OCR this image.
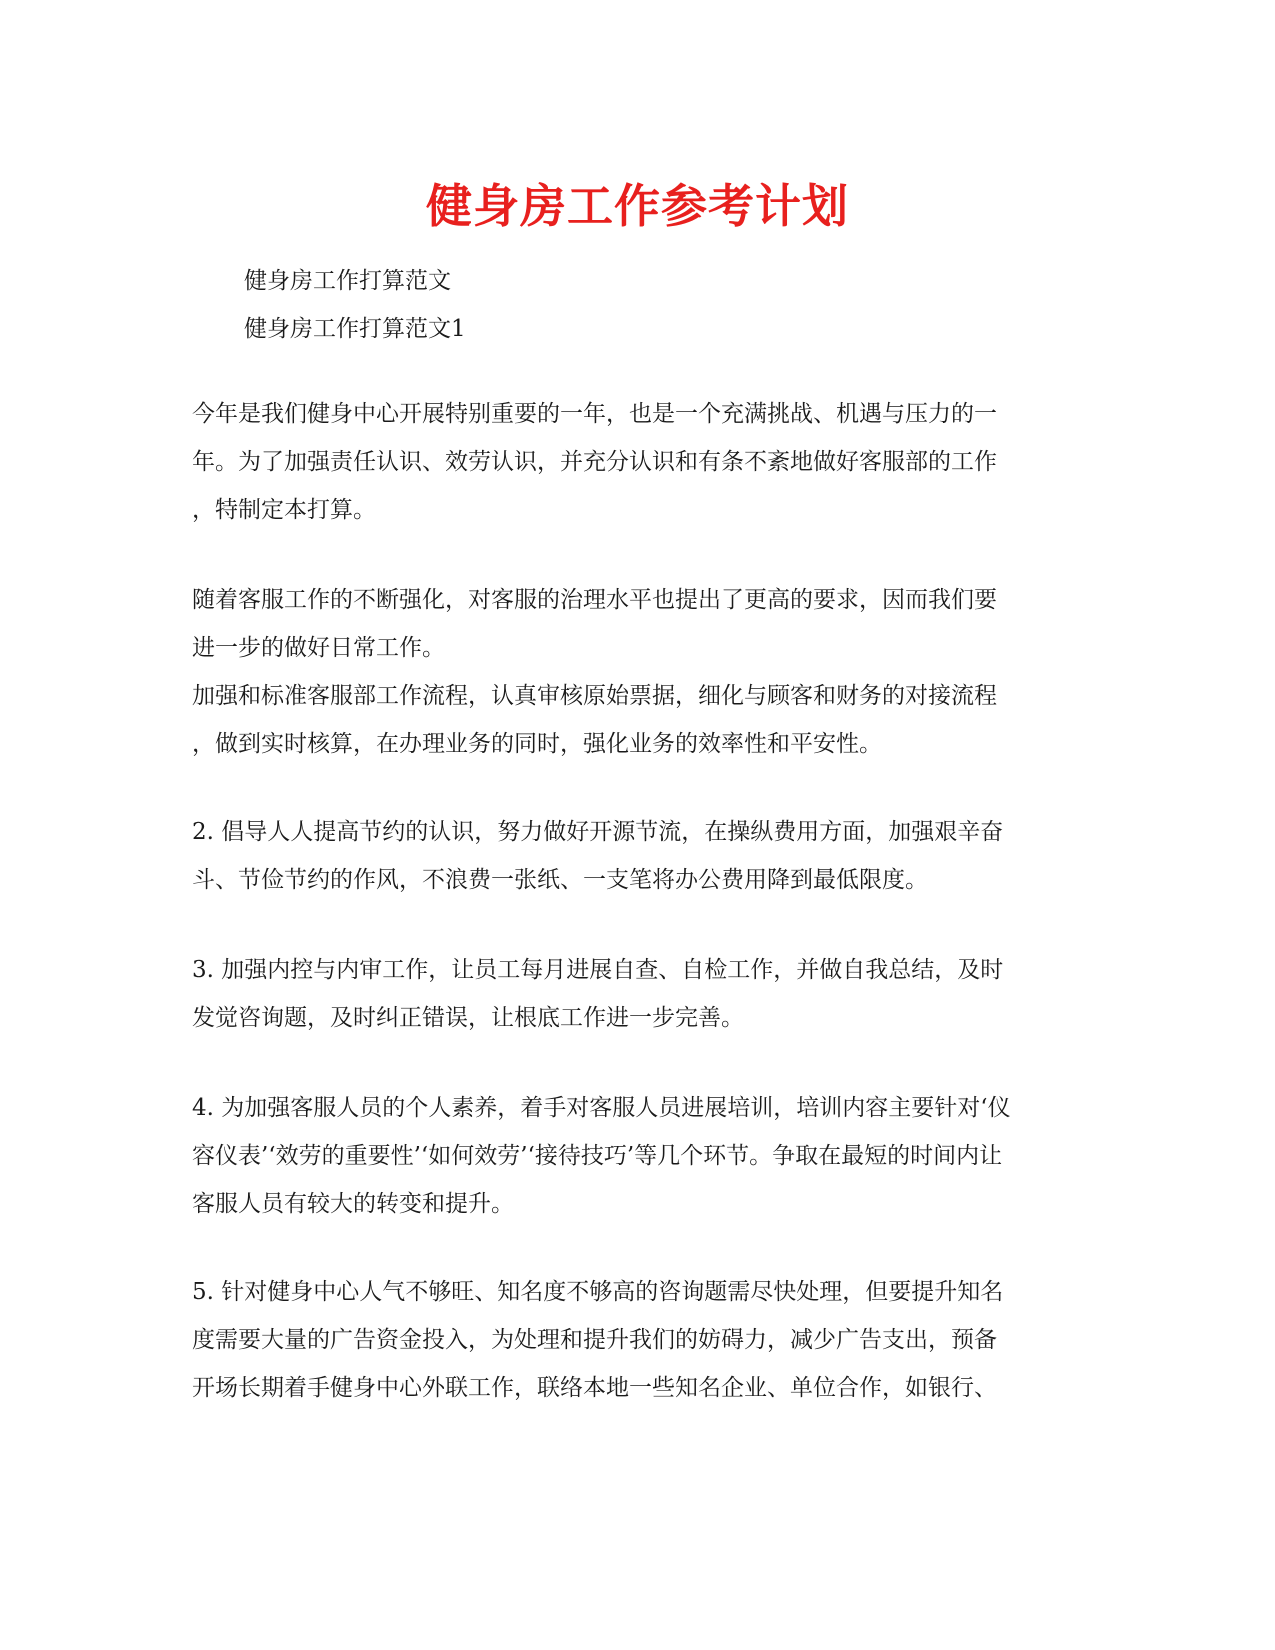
健身房工作参考计划
健身房工作打算范文
健身房工作打算范文1
今年是我们健身中心开展特别重要的一年，也是一个充满挑战、机遇与压力的一
年。为了加强责任认识、效劳认识，并充分认识和有条不紊地做好客服部的工作
，特制定本打算。
随着客服工作的不断强化，对客服的治理水平也提出了更高的要求，因而我们要
进一步的做好日常工作。
加强和标准客服部工作流程，认真审核原始票据，细化与顾客和财务的对接流程
，做到实时核算，在办理业务的同时，强化业务的效率性和平安性。
2. 倡导人人提高节约的认识，努力做好开源节流，在操纵费用方面，加强艰辛奋
斗、节俭节约的作风，不浪费一张纸、一支笔将办公费用降到最低限度。
3. 加强内控与内审工作，让员工每月进展自查、自检工作，并做自我总结，及时
发觉咨询题，及时纠正错误，让根底工作进一步完善。
4. 为加强客服人员的个人素养，着手对客服人员进展培训，培训内容主要针对‘仪
容仪表’‘效劳的重要性’‘如何效劳’‘接待技巧’等几个环节。争取在最短的时间内让
客服人员有较大的转变和提升。
5. 针对健身中心人气不够旺、知名度不够高的咨询题需尽快处理，但要提升知名
度需要大量的广告资金投入，为处理和提升我们的妨碍力，减少广告支出，预备
开场长期着手健身中心外联工作，联络本地一些知名企业、单位合作，如银行、
